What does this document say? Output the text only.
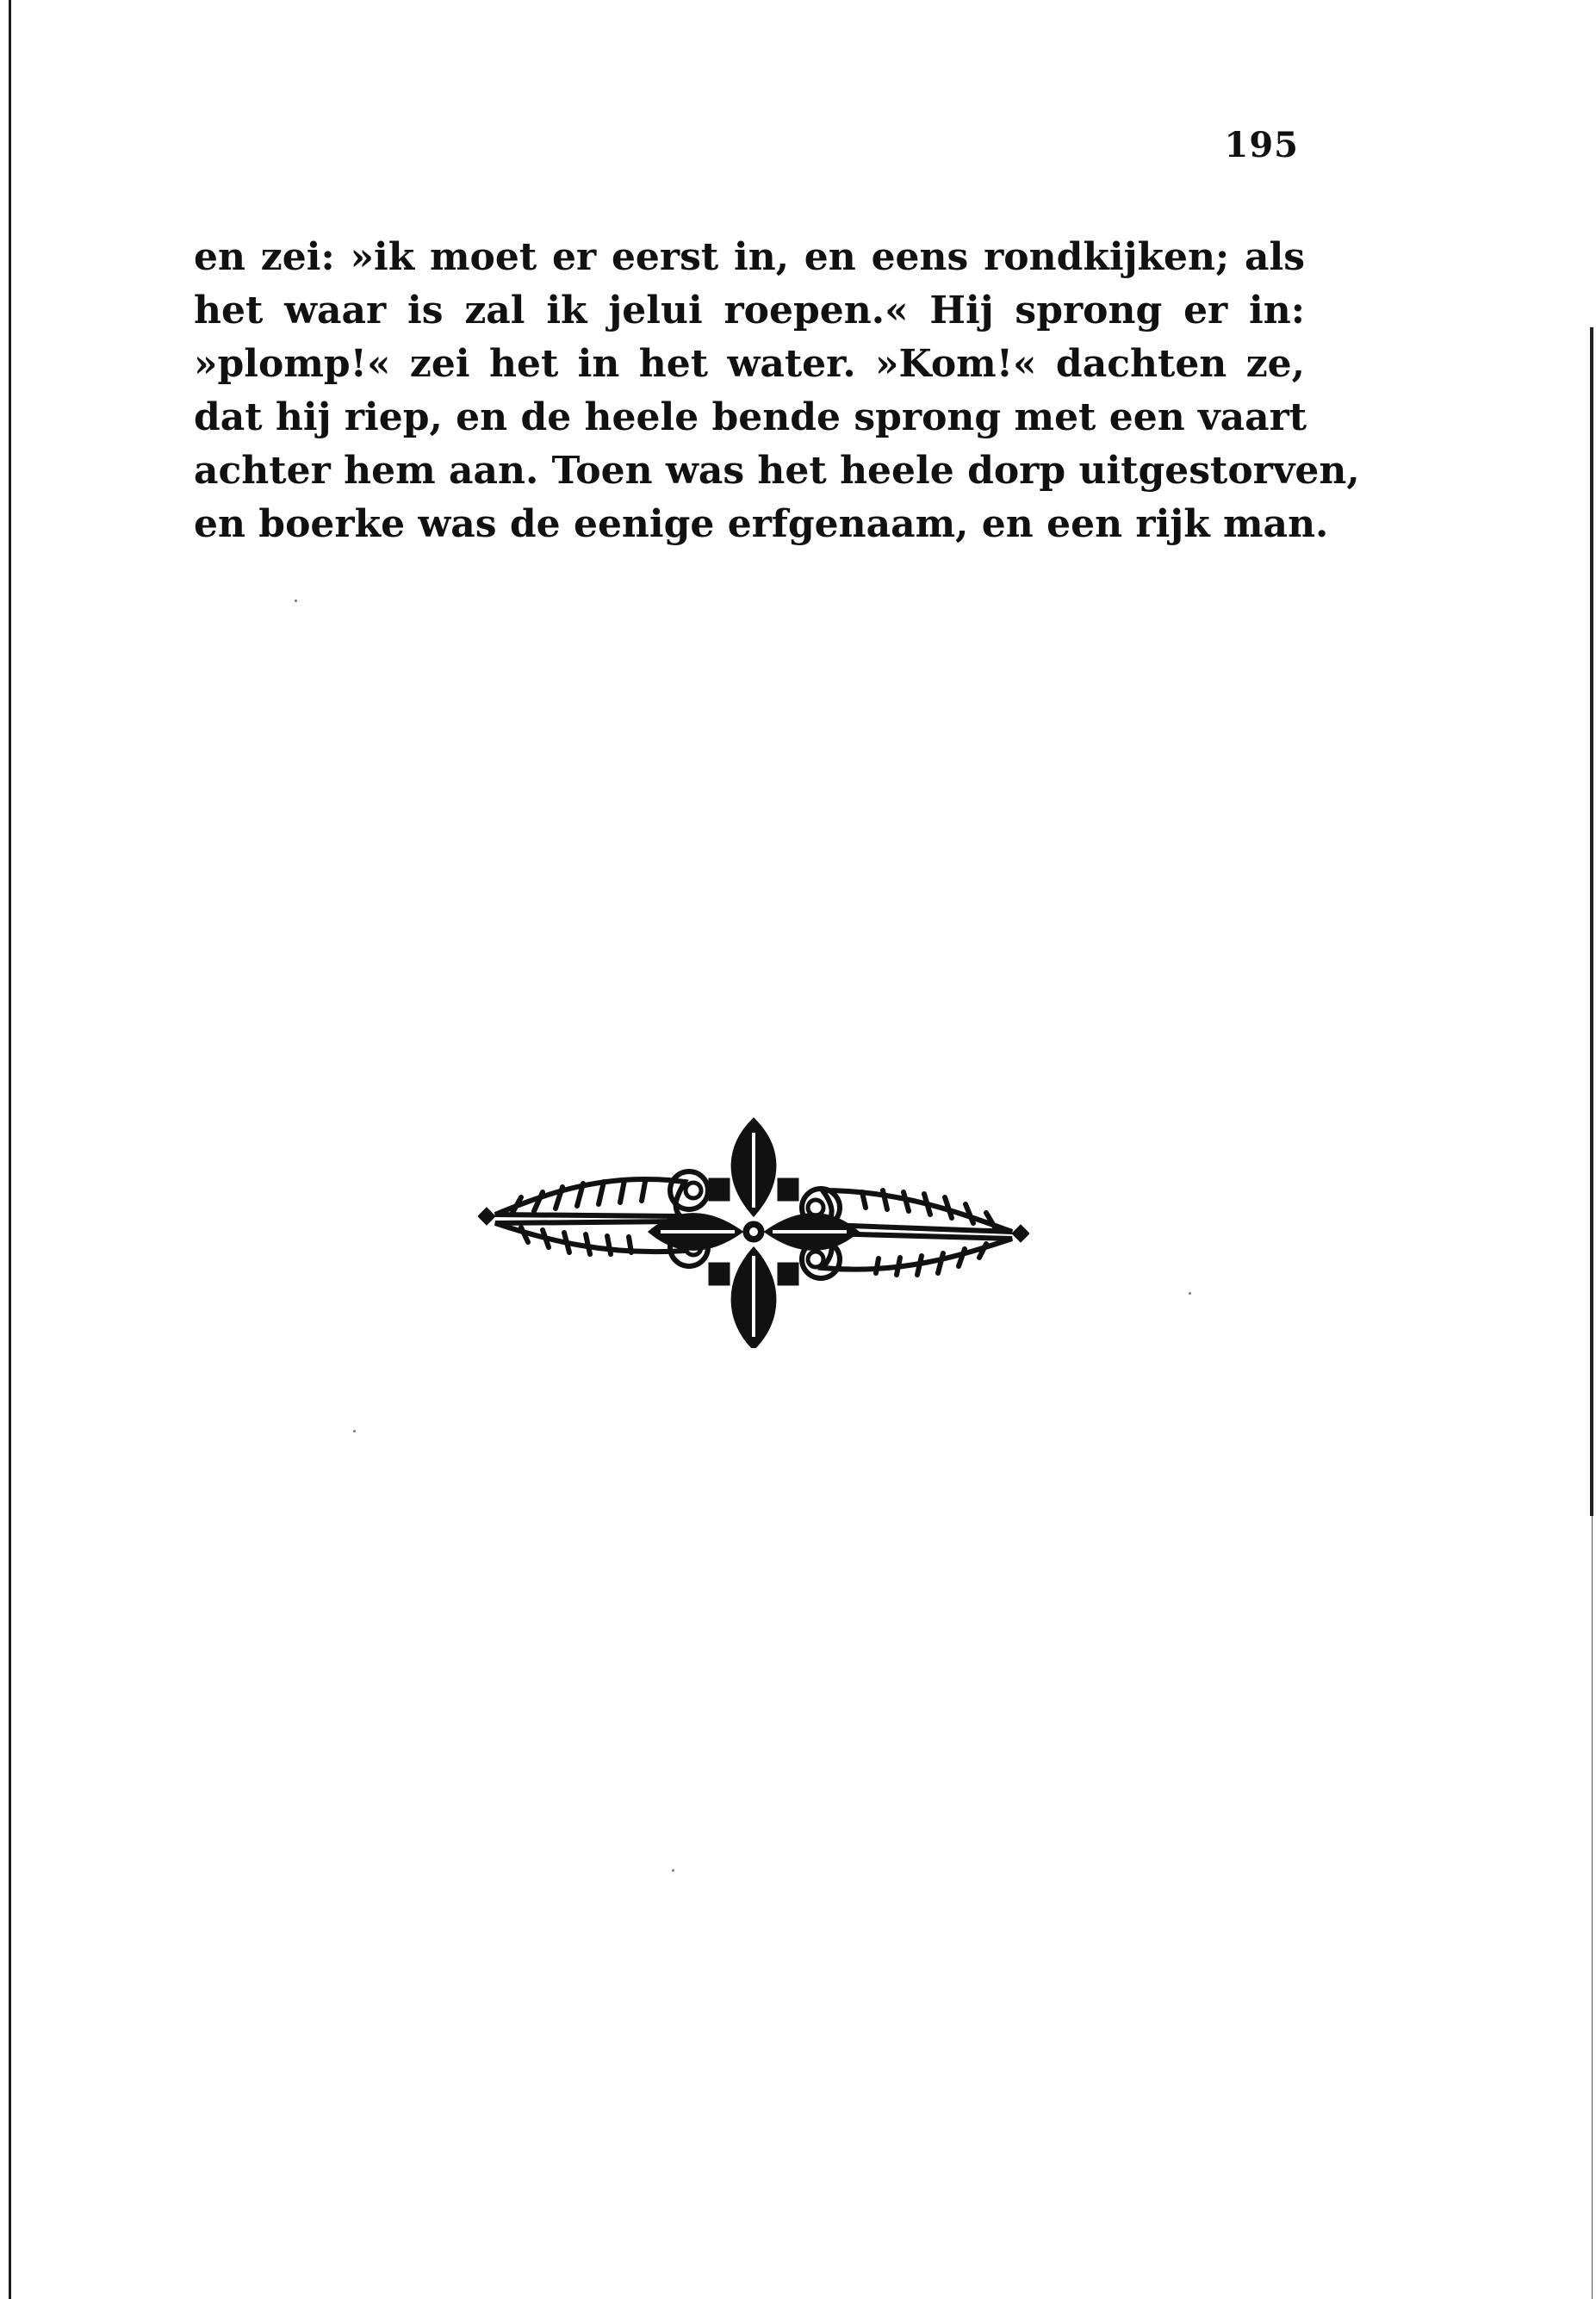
195
en zei: »ik moet er eerst in, en eens rondkijken; als
het waar is zal ik jelui roepen.« Hij sprong er in:
»plomp!« zei het in het water. »Kom!« dachten ze,
dat hij riep, en de heele bende sprong met een vaart
achter hem aan. Toen was het heele dorp uitgestorven,
en boerke was de eenige erfgenaam, en een rijk man.
